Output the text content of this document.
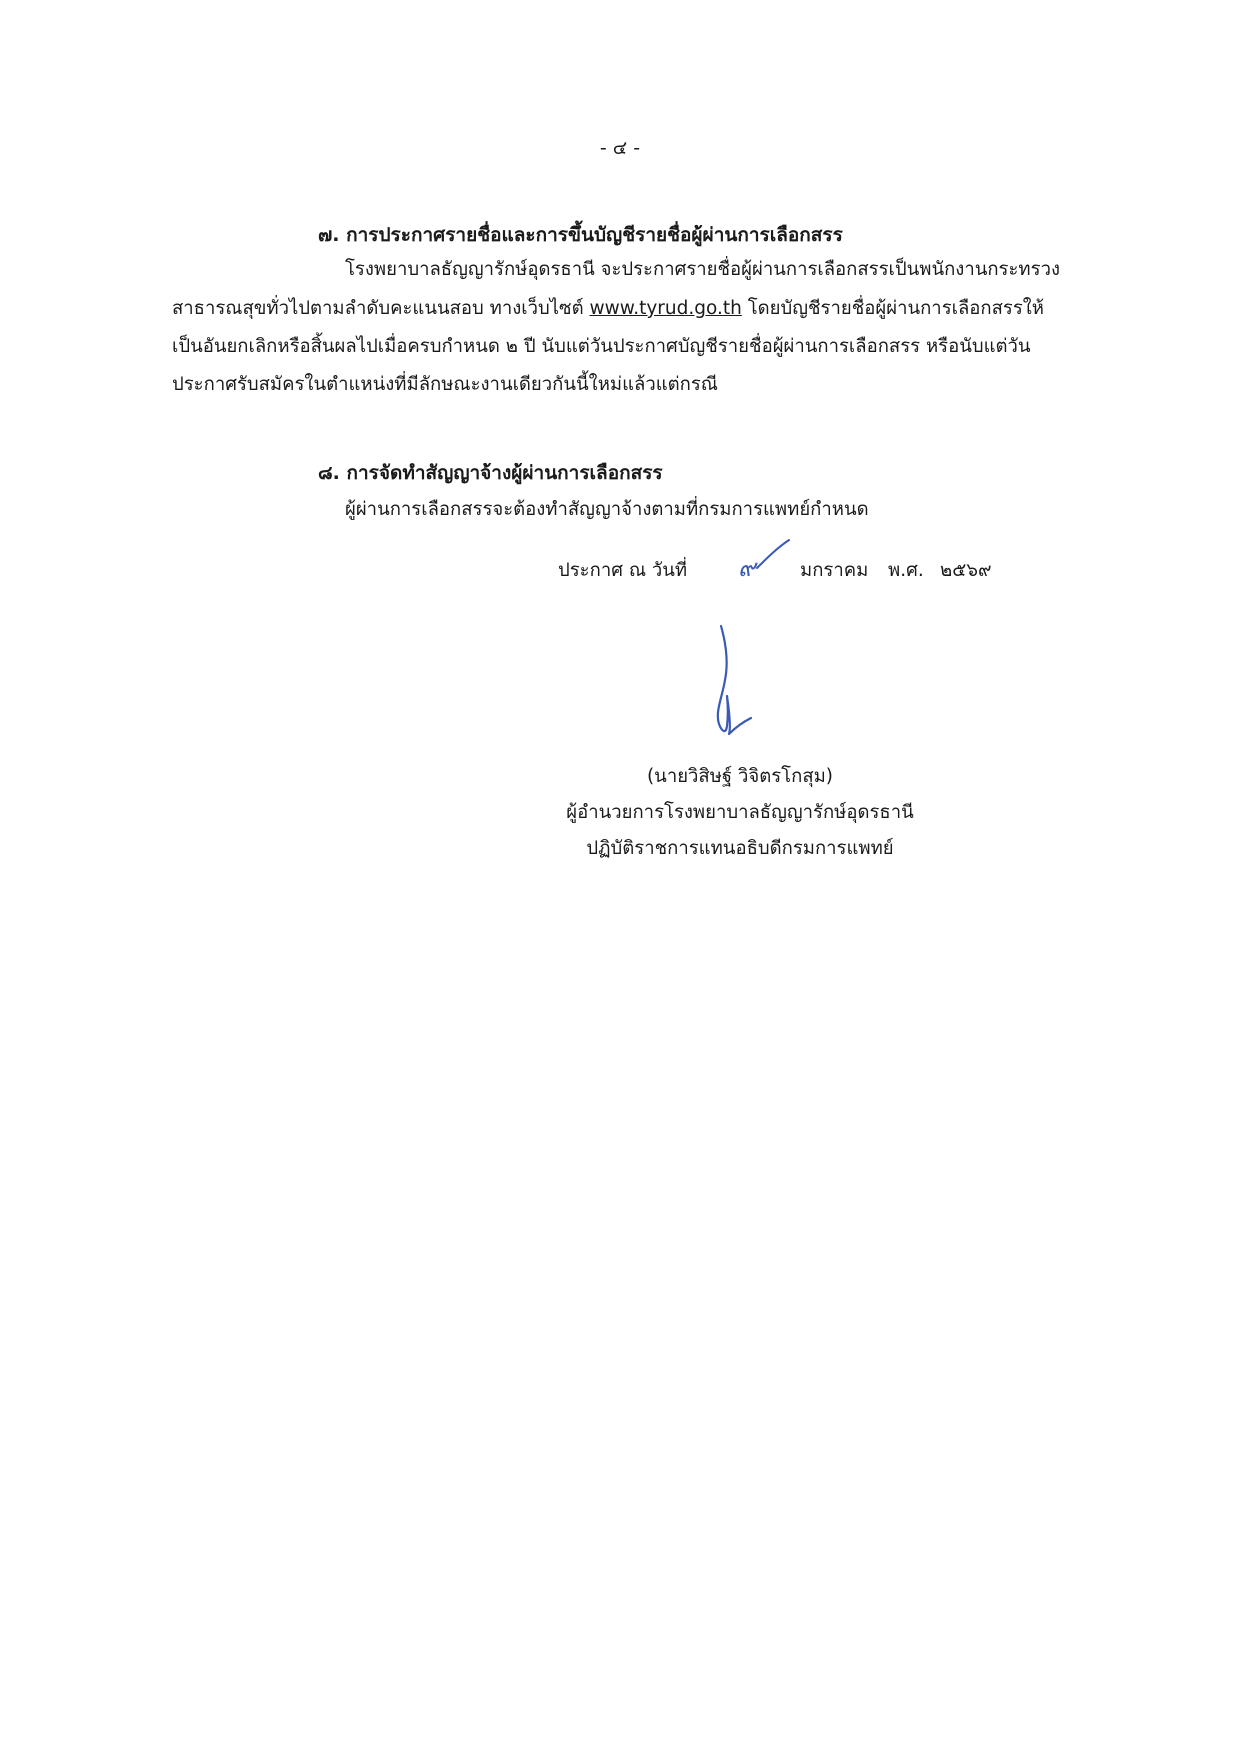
- ๔ -
๗. การประกาศรายชื่อและการขึ้นบัญชีรายชื่อผู้ผ่านการเลือกสรร
โรงพยาบาลธัญญารักษ์อุดรธานี จะประกาศรายชื่อผู้ผ่านการเลือกสรรเป็นพนักงานกระทรวง
สาธารณสุขทั่วไปตามลำดับคะแนนสอบ ทางเว็บไซต์ www.tyrud.go.th โดยบัญชีรายชื่อผู้ผ่านการเลือกสรรให้
เป็นอันยกเลิกหรือสิ้นผลไปเมื่อครบกำหนด ๒ ปี นับแต่วันประกาศบัญชีรายชื่อผู้ผ่านการเลือกสรร หรือนับแต่วัน
ประกาศรับสมัครในตำแหน่งที่มีลักษณะงานเดียวกันนี้ใหม่แล้วแต่กรณี
๘. การจัดทำสัญญาจ้างผู้ผ่านการเลือกสรร
ผู้ผ่านการเลือกสรรจะต้องทำสัญญาจ้างตามที่กรมการแพทย์กำหนด
ประกาศ ณ วันที่ ๙ มกราคม พ.ศ. ๒๕๖๙
(นายวิสิษฐ์ วิจิตรโกสุม)
ผู้อำนวยการโรงพยาบาลธัญญารักษ์อุดรธานี
ปฏิบัติราชการแทนอธิบดีกรมการแพทย์
